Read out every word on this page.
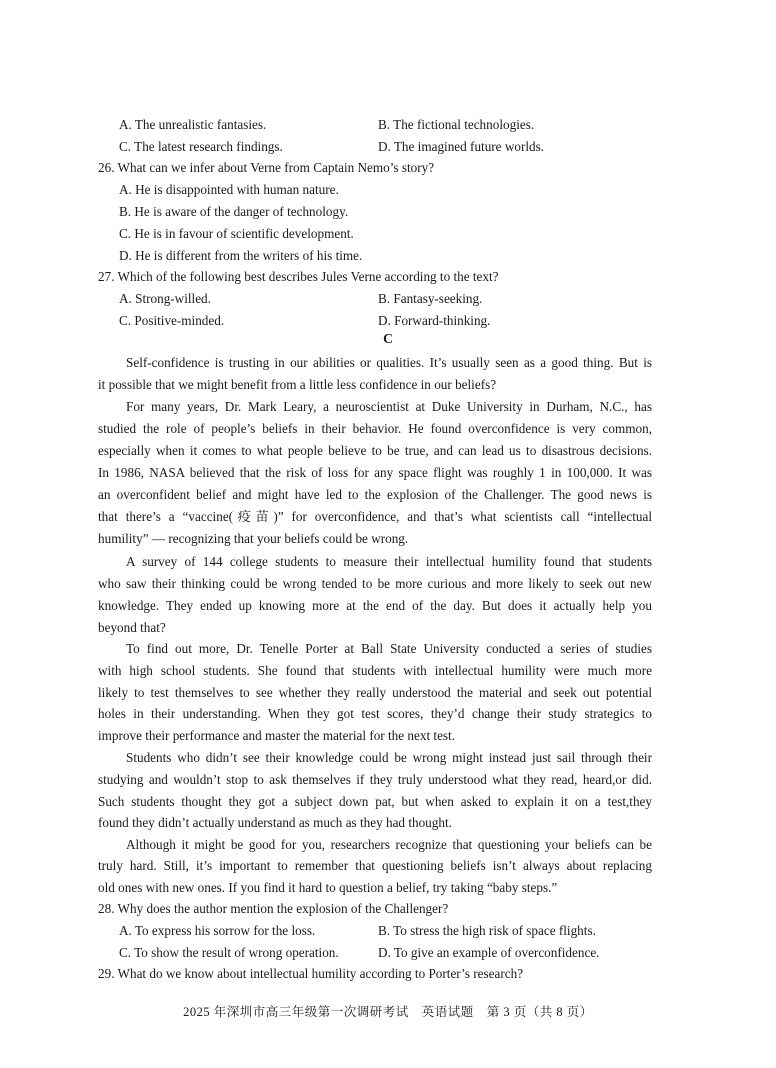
A. The unrealistic fantasies.	B. The fictional technologies.
C. The latest research findings.	D. The imagined future worlds.
26. What can we infer about Verne from Captain Nemo’s story?
A. He is disappointed with human nature.
B. He is aware of the danger of technology.
C. He is in favour of scientific development.
D. He is different from the writers of his time.
27. Which of the following best describes Jules Verne according to the text?
A. Strong-willed.	B. Fantasy-seeking.
C. Positive-minded.	D. Forward-thinking.
C
Self-confidence is trusting in our abilities or qualities. It’s usually seen as a good thing. But is
it possible that we might benefit from a little less confidence in our beliefs?
For many years, Dr. Mark Leary, a neuroscientist at Duke University in Durham, N.C., has
studied the role of people’s beliefs in their behavior. He found overconfidence is very common,
especially when it comes to what people believe to be true, and can lead us to disastrous decisions.
In 1986, NASA believed that the risk of loss for any space flight was roughly 1 in 100,000. It was
an overconfident belief and might have led to the explosion of the Challenger. The good news is
that there’s a “vaccine(疫苗)” for overconfidence, and that’s what scientists call “intellectual
humility” — recognizing that your beliefs could be wrong.
A survey of 144 college students to measure their intellectual humility found that students
who saw their thinking could be wrong tended to be more curious and more likely to seek out new
knowledge. They ended up knowing more at the end of the day. But does it actually help you
beyond that?
To find out more, Dr. Tenelle Porter at Ball State University conducted a series of studies
with high school students. She found that students with intellectual humility were much more
likely to test themselves to see whether they really understood the material and seek out potential
holes in their understanding. When they got test scores, they’d change their study strategics to
improve their performance and master the material for the next test.
Students who didn’t see their knowledge could be wrong might instead just sail through their
studying and wouldn’t stop to ask themselves if they truly understood what they read, heard,or did.
Such students thought they got a subject down pat, but when asked to explain it on a test,they
found they didn’t actually understand as much as they had thought.
Although it might be good for you, researchers recognize that questioning your beliefs can be
truly hard. Still, it’s important to remember that questioning beliefs isn’t always about replacing
old ones with new ones. If you find it hard to question a belief, try taking “baby steps.”
28. Why does the author mention the explosion of the Challenger?
A. To express his sorrow for the loss.	B. To stress the high risk of space flights.
C. To show the result of wrong operation.	D. To give an example of overconfidence.
29. What do we know about intellectual humility according to Porter’s research?
2025 年深圳市高三年级第一次调研考试　英语试题　第 3 页（共 8 页）
